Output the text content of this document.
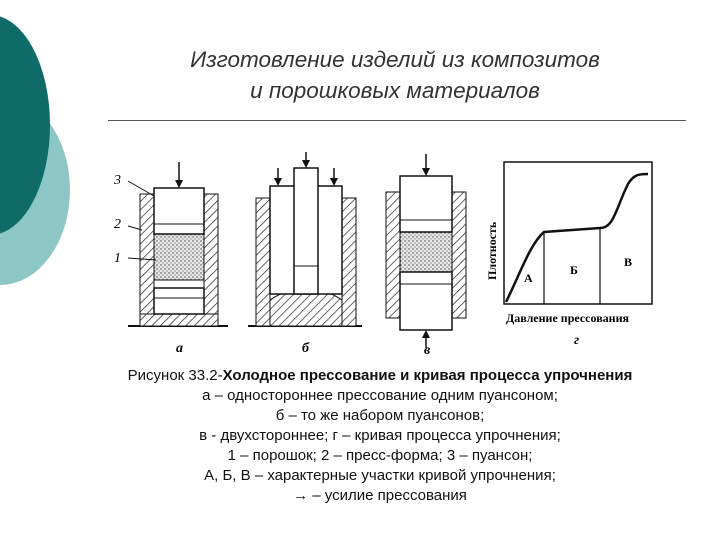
Изготовление изделий из композитов
и порошковых материалов
3
2
1
а	б	в
А
Б
В
Плотность
Давление прессования
г
Рисунок 33.2-Холодное прессование и кривая процесса упрочнения
а – одностороннее прессование одним пуансоном;
б – то же набором пуансонов;
в - двухстороннее; г – кривая процесса упрочнения;
1 – порошок; 2 – пресс-форма; 3 – пуансон;
А, Б, В – характерные участки кривой упрочнения;
→ – усилие прессования
